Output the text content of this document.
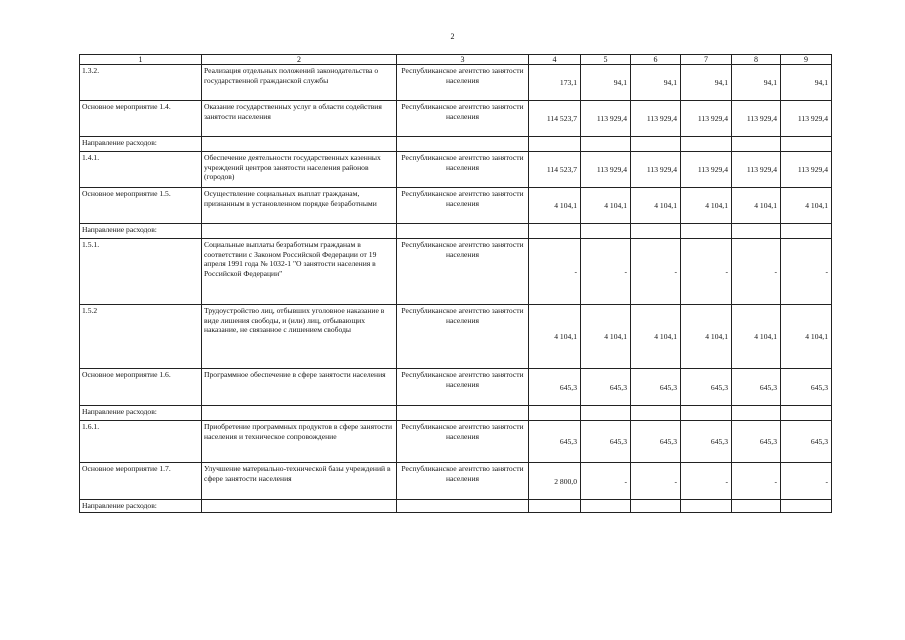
2
1	2	3	4	5	6	7	8	9
1.3.2.	Реализация отдельных положений законодательства о государственной гражданской службы	Республиканское агентство занятости населения	173,1	94,1	94,1	94,1	94,1	94,1
Основное мероприятие 1.4.	Оказание государственных услуг в области содействия занятости населения	Республиканское агентство занятости населения	114 523,7	113 929,4	113 929,4	113 929,4	113 929,4	113 929,4
Направление расходов:								
1.4.1.	Обеспечение деятельности государственных казенных учреждений центров занятости населения районов (городов)	Республиканское агентство занятости населения	114 523,7	113 929,4	113 929,4	113 929,4	113 929,4	113 929,4
Основное мероприятие 1.5.	Осуществление социальных выплат гражданам, признанным в установленном порядке безработными	Республиканское агентство занятости населения	4 104,1	4 104,1	4 104,1	4 104,1	4 104,1	4 104,1
Направление расходов:								
1.5.1.	Социальные выплаты безработным гражданам в соответствии с Законом Российской Федерации от 19 апреля 1991 года № 1032-1 "О занятости населения в Российской Федерации"	Республиканское агентство занятости населения	-	-	-	-	-	-
1.5.2	Трудоустройство лиц, отбывших уголовное наказание в виде лишения свободы, и (или) лиц, отбывающих наказание, не связанное с лишением свободы	Республиканское агентство занятости населения	4 104,1	4 104,1	4 104,1	4 104,1	4 104,1	4 104,1
Основное мероприятие 1.6.	Программное обеспечение в сфере занятости населения	Республиканское агентство занятости населения	645,3	645,3	645,3	645,3	645,3	645,3
Направление расходов:								
1.6.1.	Приобретение программных продуктов в сфере занятости населения и техническое сопровождение	Республиканское агентство занятости населения	645,3	645,3	645,3	645,3	645,3	645,3
Основное мероприятие 1.7.	Улучшение материально-технической базы учреждений в сфере занятости населения	Республиканское агентство занятости населения	2 800,0	-	-	-	-	-
Направление расходов:								
